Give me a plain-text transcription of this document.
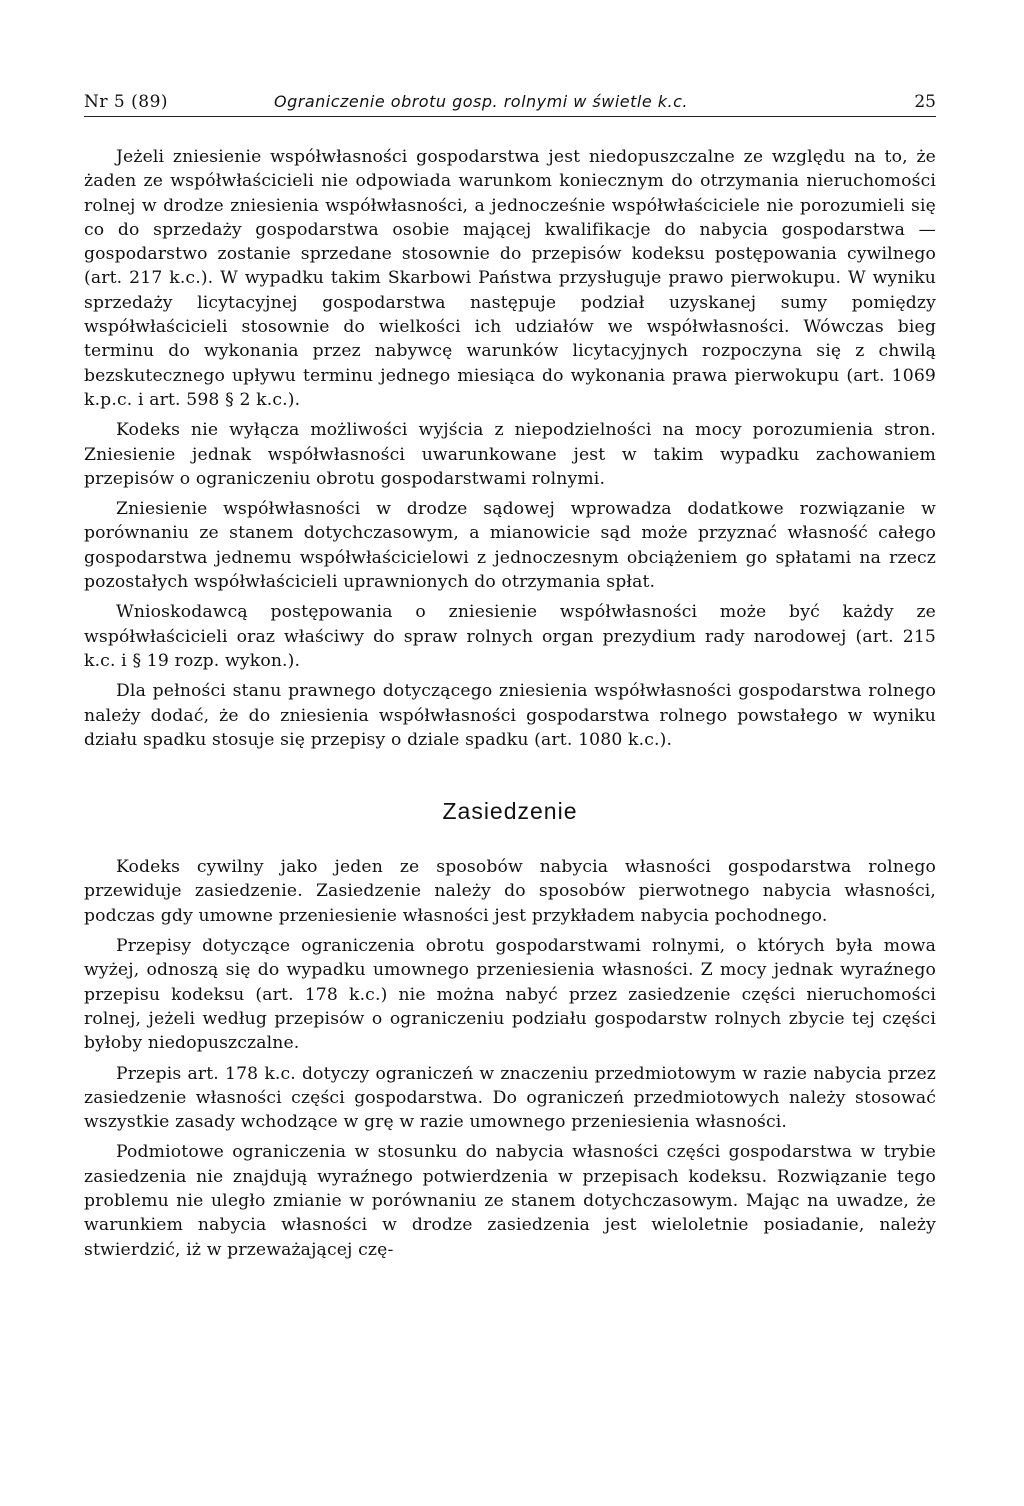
Nr 5 (89)	Ograniczenie obrotu gosp. rolnymi w świetle k.c.	25

Jeżeli zniesienie współwłasności gospodarstwa jest niedopuszczalne ze względu na to, że żaden ze współwłaścicieli nie odpowiada warunkom koniecznym do otrzymania nieruchomości rolnej w drodze zniesienia współwłasności, a jednocześnie współwłaściciele nie porozumieli się co do sprzedaży gospodarstwa osobie mającej kwalifikacje do nabycia gospodarstwa — gospodarstwo zostanie sprzedane stosownie do przepisów kodeksu postępowania cywilnego (art. 217 k.c.). W wypadku takim Skarbowi Państwa przysługuje prawo pierwokupu. W wyniku sprzedaży licytacyjnej gospodarstwa następuje podział uzyskanej sumy pomiędzy współwłaścicieli stosownie do wielkości ich udziałów we współwłasności. Wówczas bieg terminu do wykonania przez nabywcę warunków licytacyjnych rozpoczyna się z chwilą bezskutecznego upływu terminu jednego miesiąca do wykonania prawa pierwokupu (art. 1069 k.p.c. i art. 598 § 2 k.c.).

Kodeks nie wyłącza możliwości wyjścia z niepodzielności na mocy porozumienia stron. Zniesienie jednak współwłasności uwarunkowane jest w takim wypadku zachowaniem przepisów o ograniczeniu obrotu gospodarstwami rolnymi.

Zniesienie współwłasności w drodze sądowej wprowadza dodatkowe rozwiązanie w porównaniu ze stanem dotychczasowym, a mianowicie sąd może przyznać własność całego gospodarstwa jednemu współwłaścicielowi z jednoczesnym obciążeniem go spłatami na rzecz pozostałych współwłaścicieli uprawnionych do otrzymania spłat.

Wnioskodawcą postępowania o zniesienie współwłasności może być każdy ze współwłaścicieli oraz właściwy do spraw rolnych organ prezydium rady narodowej (art. 215 k.c. i § 19 rozp. wykon.).

Dla pełności stanu prawnego dotyczącego zniesienia współwłasności gospodarstwa rolnego należy dodać, że do zniesienia współwłasności gospodarstwa rolnego powstałego w wyniku działu spadku stosuje się przepisy o dziale spadku (art. 1080 k.c.).

Zasiedzenie

Kodeks cywilny jako jeden ze sposobów nabycia własności gospodarstwa rolnego przewiduje zasiedzenie. Zasiedzenie należy do sposobów pierwotnego nabycia własności, podczas gdy umowne przeniesienie własności jest przykładem nabycia pochodnego.

Przepisy dotyczące ograniczenia obrotu gospodarstwami rolnymi, o których była mowa wyżej, odnoszą się do wypadku umownego przeniesienia własności. Z mocy jednak wyraźnego przepisu kodeksu (art. 178 k.c.) nie można nabyć przez zasiedzenie części nieruchomości rolnej, jeżeli według przepisów o ograniczeniu podziału gospodarstw rolnych zbycie tej części byłoby niedopuszczalne.

Przepis art. 178 k.c. dotyczy ograniczeń w znaczeniu przedmiotowym w razie nabycia przez zasiedzenie własności części gospodarstwa. Do ograniczeń przedmiotowych należy stosować wszystkie zasady wchodzące w grę w razie umownego przeniesienia własności.

Podmiotowe ograniczenia w stosunku do nabycia własności części gospodarstwa w trybie zasiedzenia nie znajdują wyraźnego potwierdzenia w przepisach kodeksu. Rozwiązanie tego problemu nie uległo zmianie w porównaniu ze stanem dotychczasowym. Mając na uwadze, że warunkiem nabycia własności w drodze zasiedzenia jest wieloletnie posiadanie, należy stwierdzić, iż w przeważającej czę-
